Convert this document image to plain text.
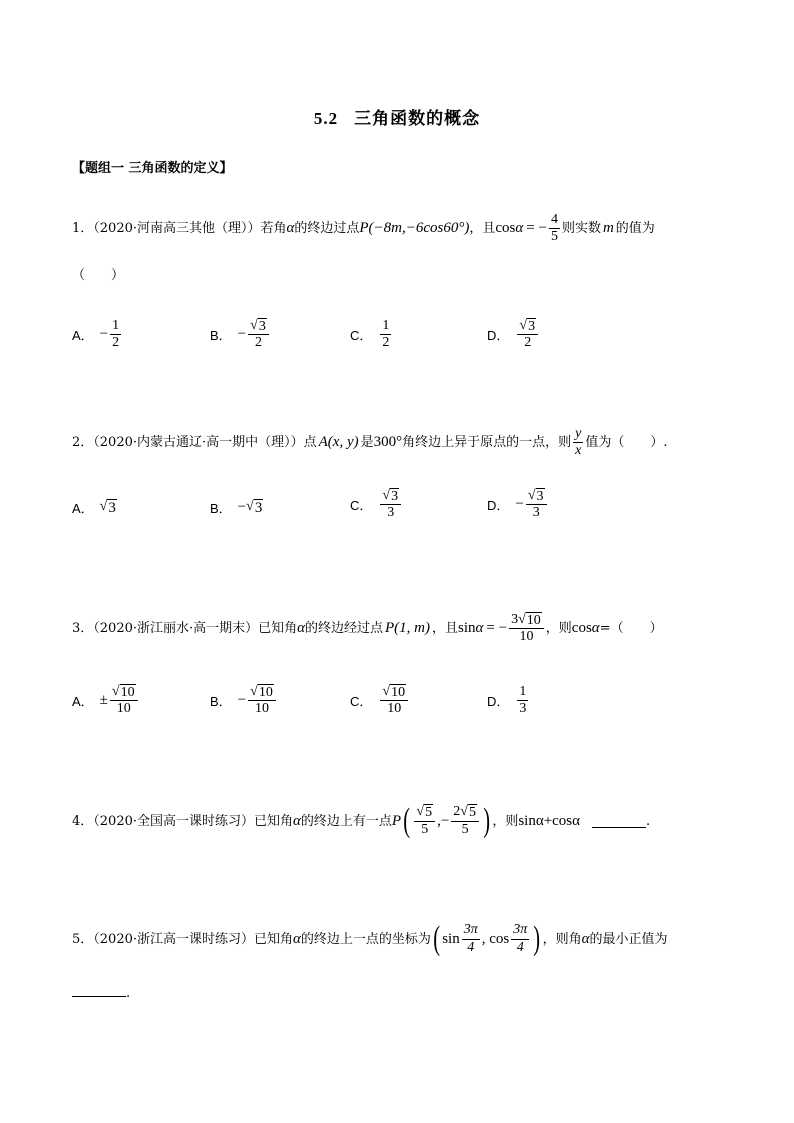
5.2 三角函数的概念
【题组一 三角函数的定义】
1．（2020·河南高三其他（理））若角 α 的终边过点 P(−8m,−6cos60°) ，且 cos α = − $\frac{4}{5}$ 则实数 m 的值为
（　　）
A． − $\frac{1}{2}$	B． − $\frac{√ 3}{2}$	C． $\frac{1}{2}$	D． $\frac{√ 3}{2}$
2．（2020·内蒙古通辽·高一期中（理））点 A(x, y) 是 300° 角终边上异于原点的一点，则 $\frac{y}{x}$ 值为（　　）.
A． √ 3	B． − √ 3	C． $\frac{√ 3}{3}$	D． − $\frac{√ 3}{3}$
3．（2020·浙江丽水·高一期末）已知角 α 的终边经过点 P(1, m) ，且 sin α = − $\frac{3 √ 10}{10}$ ，则 cos α =（　　）
A． ± $\frac{√ 10}{10}$	B． − $\frac{√ 10}{10}$	C． $\frac{√ 10}{10}$	D． $\frac{1}{3}$
4．（2020·全国高一课时练习）已知角 α 的终边上有一点 P ( $\frac{√ 5}{5}$ ,− $\frac{2 √ 5}{5}$ ) ，则 sinα+cosα	.
5．（2020·浙江高一课时练习）已知角 α 的终边上一点的坐标为 ( $\sin \frac{3\pi}{4}$ , $\cos \frac{3\pi}{4}$ ) ，则角 α 的最小正值为
.
